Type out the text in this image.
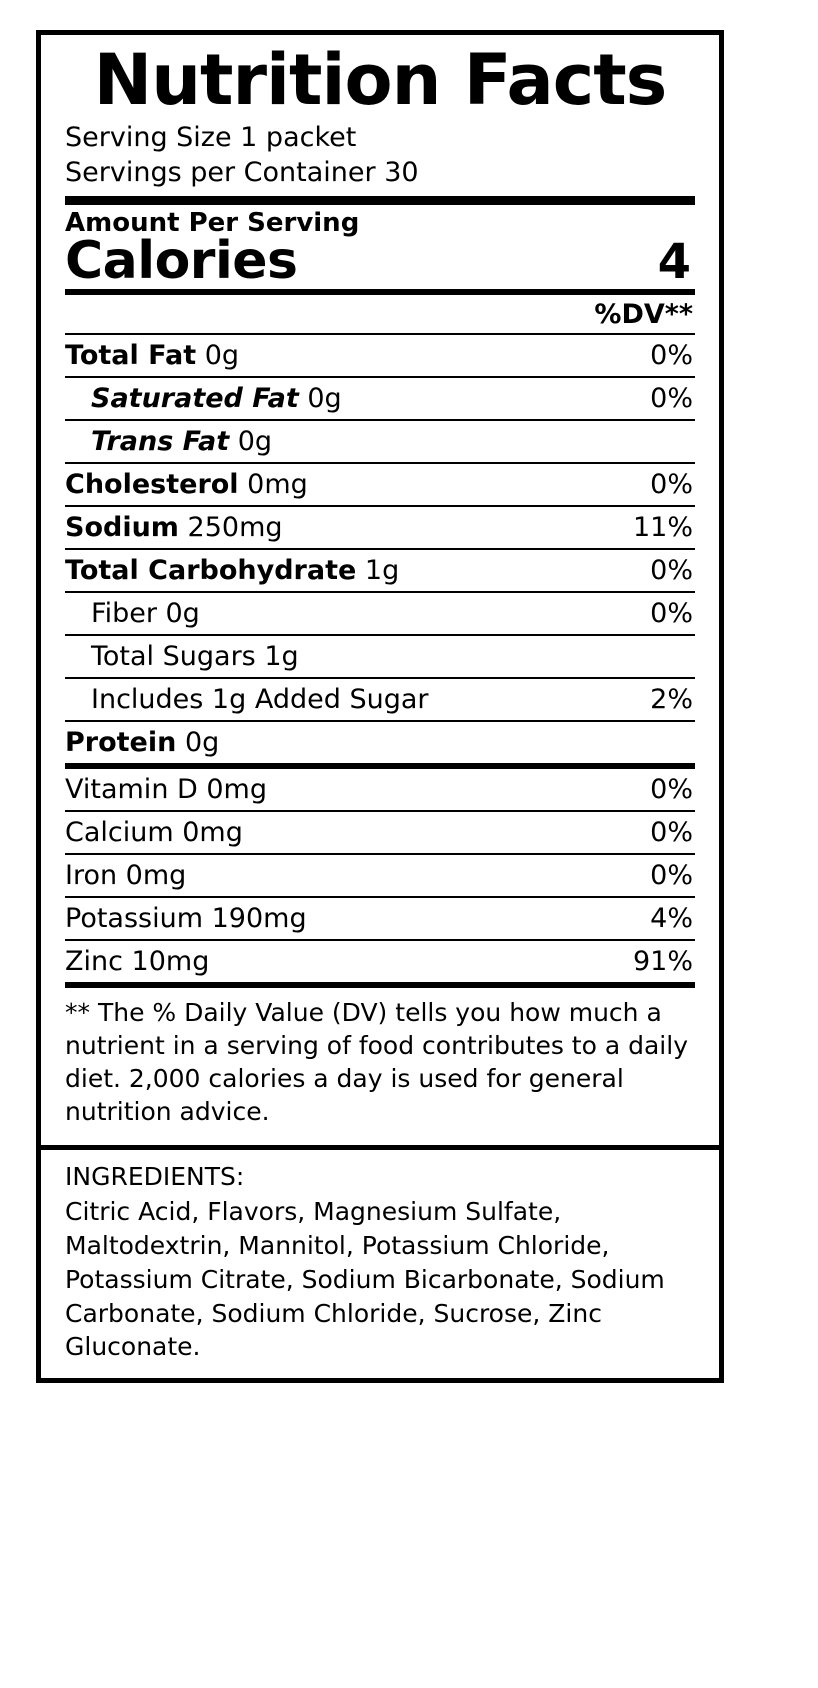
Nutrition Facts
Serving Size 1 packet
Servings per Container 30
Amount Per Serving
Calories	4
%DV**
Total Fat 0g	0%
Saturated Fat 0g	0%
Trans Fat 0g
Cholesterol 0mg	0%
Sodium 250mg	11%
Total Carbohydrate 1g	0%
Fiber 0g	0%
Total Sugars 1g
Includes 1g Added Sugar	2%
Protein 0g
Vitamin D 0mg	0%
Calcium 0mg	0%
Iron 0mg	0%
Potassium 190mg	4%
Zinc 10mg	91%
** The % Daily Value (DV) tells you how much a nutrient in a serving of food contributes to a daily diet. 2,000 calories a day is used for general nutrition advice.
INGREDIENTS:
Citric Acid, Flavors, Magnesium Sulfate, Maltodextrin, Mannitol, Potassium Chloride, Potassium Citrate, Sodium Bicarbonate, Sodium Carbonate, Sodium Chloride, Sucrose, Zinc Gluconate.
